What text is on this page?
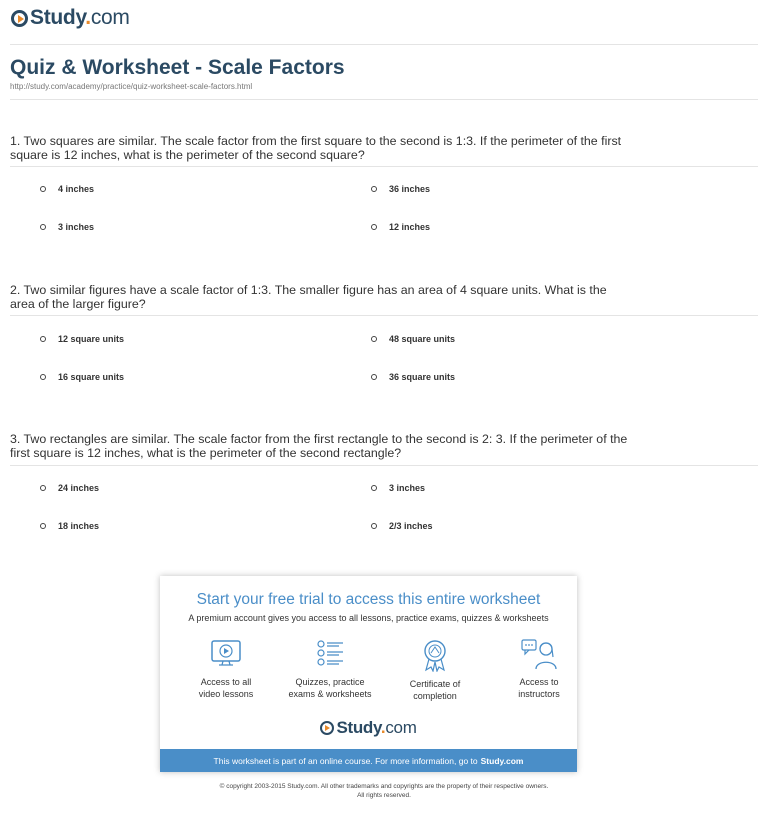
Study.com
Quiz & Worksheet - Scale Factors
http://study.com/academy/practice/quiz-worksheet-scale-factors.html
1. Two squares are similar. The scale factor from the first square to the second is 1:3. If the perimeter of the first square is 12 inches, what is the perimeter of the second square?
4 inches	36 inches
3 inches	12 inches
2. Two similar figures have a scale factor of 1:3. The smaller figure has an area of 4 square units. What is the area of the larger figure?
12 square units	48 square units
16 square units	36 square units
3. Two rectangles are similar. The scale factor from the first rectangle to the second is 2: 3. If the perimeter of the first square is 12 inches, what is the perimeter of the second rectangle?
24 inches	3 inches
18 inches	2/3 inches
Start your free trial to access this entire worksheet
A premium account gives you access to all lessons, practice exams, quizzes & worksheets
Access to all
video lessons
Quizzes, practice
exams & worksheets
Certificate of
completion
Access to
instructors
Study.com
This worksheet is part of an online course. For more information, go to Study.com
© copyright 2003-2015 Study.com. All other trademarks and copyrights are the property of their respective owners.
All rights reserved.
